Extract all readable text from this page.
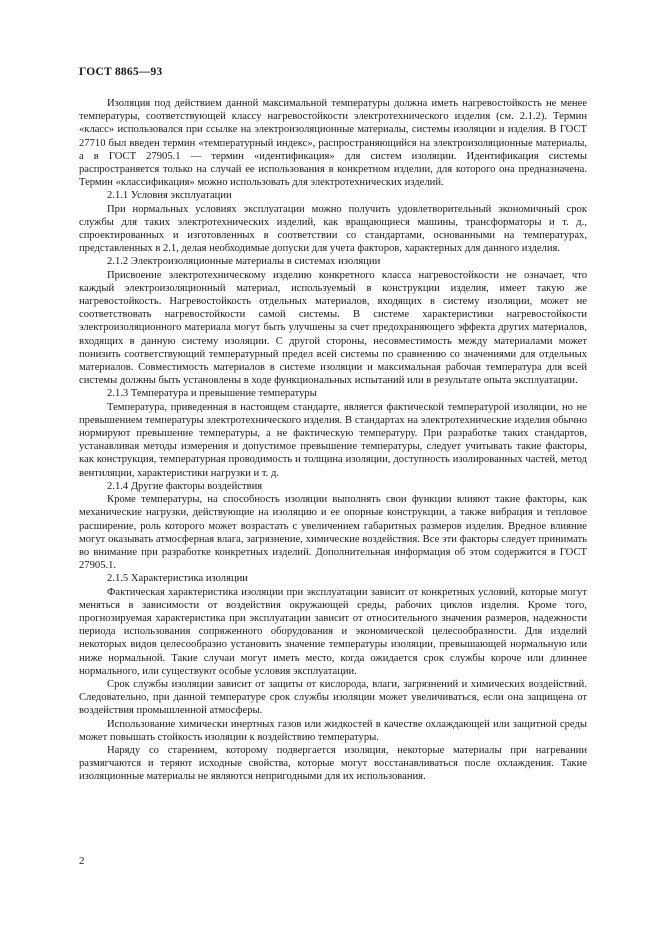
ГОСТ 8865—93

Изоляция под действием данной максимальной температуры должна иметь нагревостойкость не менее температуры, соответствующей классу нагревостойкости электротехнического изделия (см. 2.1.2). Термин «класс» использовался при ссылке на электроизоляционные материалы, системы изоляции и изделия. В ГОСТ 27710 был введен термин «температурный индекс», распространяющийся на электроизоляционные материалы, а в ГОСТ 27905.1 — термин «идентификация» для систем изоляции. Идентификация системы распространяется только на случай ее использования в конкретном изделии, для которого она предназначена. Термин «классификация» можно использовать для электротехнических изделий.

2.1.1 Условия эксплуатации

При нормальных условиях эксплуатации можно получить удовлетворительный экономичный срок службы для таких электротехнических изделий, как вращающиеся машины, трансформаторы и т. д., спроектированных и изготовленных в соответствии со стандартами, основанными на температурах, представленных в 2.1, делая необходимые допуски для учета факторов, характерных для данного изделия.

2.1.2 Электроизоляционные материалы в системах изоляции

Присвоение электротехническому изделию конкретного класса нагревостойкости не означает, что каждый электроизоляционный материал, используемый в конструкции изделия, имеет такую же нагревостойкость. Нагревостойкость отдельных материалов, входящих в систему изоляции, может не соответствовать нагревостойкости самой системы. В системе характеристики нагревостойкости электроизоляционного материала могут быть улучшены за счет предохраняющего эффекта других материалов, входящих в данную систему изоляции. С другой стороны, несовместимость между материалами может понизить соответствующий температурный предел всей системы по сравнению со значениями для отдельных материалов. Совместимость материалов в системе изоляции и максимальная рабочая температура для всей системы должны быть установлены в ходе функциональных испытаний или в результате опыта эксплуатации.

2.1.3 Температура и превышение температуры

Температура, приведенная в настоящем стандарте, является фактической температурой изоляции, но не превышением температуры электротехнического изделия. В стандартах на электротехнические изделия обычно нормируют превышение температуры, а не фактическую температуру. При разработке таких стандартов, устанавливая методы измерения и допустимое превышение температуры, следует учитывать такие факторы, как конструкция, температурная проводимость и толщина изоляции, доступность изолированных частей, метод вентиляции, характеристики нагрузки и т. д.

2.1.4 Другие факторы воздействия

Кроме температуры, на способность изоляции выполнять свои функции влияют такие факторы, как механические нагрузки, действующие на изоляцию и ее опорные конструкции, а также вибрация и тепловое расширение, роль которого может возрастать с увеличением габаритных размеров изделия. Вредное влияние могут оказывать атмосферная влага, загрязнение, химические воздействия. Все эти факторы следует принимать во внимание при разработке конкретных изделий. Дополнительная информация об этом содержится в ГОСТ 27905.1.

2.1.5 Характеристика изоляции

Фактическая характеристика изоляции при эксплуатации зависит от конкретных условий, которые могут меняться в зависимости от воздействия окружающей среды, рабочих циклов изделия. Кроме того, прогнозируемая характеристика при эксплуатации зависит от относительного значения размеров, надежности периода использования сопряженного оборудования и экономической целесообразности. Для изделий некоторых видов целесообразно установить значение температуры изоляции, превышающей нормальную или ниже нормальной. Такие случаи могут иметь место, когда ожидается срок службы короче или длиннее нормального, или существуют особые условия эксплуатации.

Срок службы изоляции зависит от защиты от кислорода, влаги, загрязнений и химических воздействий. Следовательно, при данной температуре срок службы изоляции может увеличиваться, если она защищена от воздействия промышленной атмосферы.

Использование химически инертных газов или жидкостей в качестве охлаждающей или защитной среды может повышать стойкость изоляции к воздействию температуры.

Наряду со старением, которому подвергается изоляция, некоторые материалы при нагревании размягчаются и теряют исходные свойства, которые могут восстанавливаться после охлаждения. Такие изоляционные материалы не являются непригодными для их использования.

2
